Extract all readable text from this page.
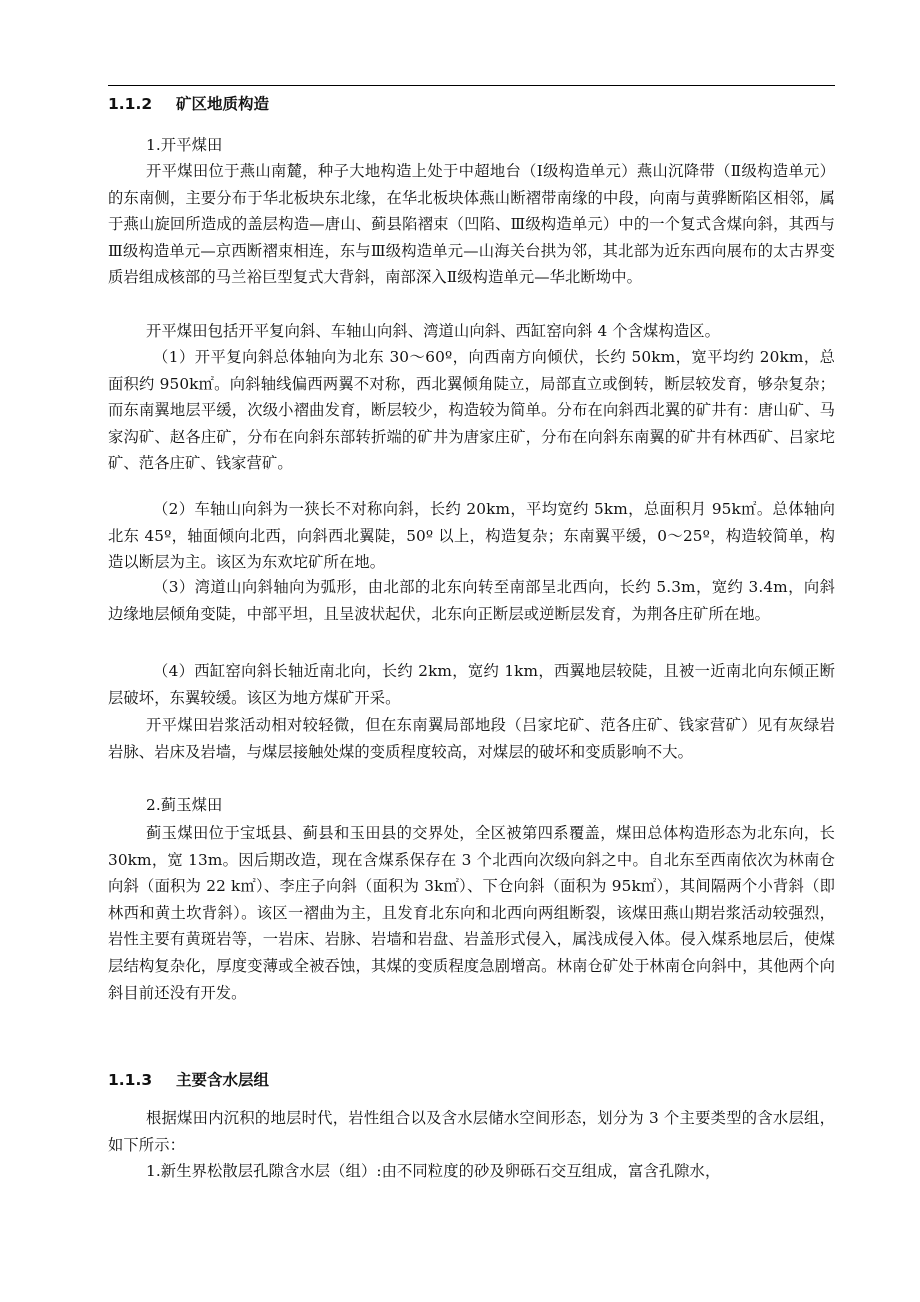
1.1.2 矿区地质构造

1.开平煤田

开平煤田位于燕山南麓，种子大地构造上处于中超地台（Ⅰ级构造单元）燕山沉降带（Ⅱ级构造单元）的东南侧，主要分布于华北板块东北缘，在华北板块体燕山断褶带南缘的中段，向南与黄骅断陷区相邻，属于燕山旋回所造成的盖层构造—唐山、蓟县陷褶束（凹陷、Ⅲ级构造单元）中的一个复式含煤向斜，其西与Ⅲ级构造单元—京西断褶束相连，东与Ⅲ级构造单元—山海关台拱为邻，其北部为近东西向展布的太古界变质岩组成核部的马兰裕巨型复式大背斜，南部深入Ⅱ级构造单元—华北断坳中。

开平煤田包括开平复向斜、车轴山向斜、湾道山向斜、西缸窑向斜 4 个含煤构造区。

（1）开平复向斜总体轴向为北东 30～60º，向西南方向倾伏，长约 50km，宽平均约 20km，总面积约 950k㎡。向斜轴线偏西两翼不对称，西北翼倾角陡立，局部直立或倒转，断层较发育，够杂复杂；而东南翼地层平缓，次级小褶曲发育，断层较少，构造较为简单。分布在向斜西北翼的矿井有：唐山矿、马家沟矿、赵各庄矿，分布在向斜东部转折端的矿井为唐家庄矿，分布在向斜东南翼的矿井有林西矿、吕家坨矿、范各庄矿、钱家营矿。

（2）车轴山向斜为一狭长不对称向斜，长约 20km，平均宽约 5km，总面积月 95k㎡。总体轴向北东 45º，轴面倾向北西，向斜西北翼陡，50º 以上，构造复杂；东南翼平缓，0～25º，构造较简单，构造以断层为主。该区为东欢坨矿所在地。

（3）湾道山向斜轴向为弧形，由北部的北东向转至南部呈北西向，长约 5.3m，宽约 3.4m，向斜边缘地层倾角变陡，中部平坦，且呈波状起伏，北东向正断层或逆断层发育，为荆各庄矿所在地。

（4）西缸窑向斜长轴近南北向，长约 2km，宽约 1km，西翼地层较陡，且被一近南北向东倾正断层破坏，东翼较缓。该区为地方煤矿开采。

开平煤田岩浆活动相对较轻微，但在东南翼局部地段（吕家坨矿、范各庄矿、钱家营矿）见有灰绿岩岩脉、岩床及岩墙，与煤层接触处煤的变质程度较高，对煤层的破坏和变质影响不大。

2.蓟玉煤田

蓟玉煤田位于宝坻县、蓟县和玉田县的交界处，全区被第四系覆盖，煤田总体构造形态为北东向，长 30km，宽 13m。因后期改造，现在含煤系保存在 3 个北西向次级向斜之中。自北东至西南依次为林南仓向斜（面积为 22 k㎡）、李庄子向斜（面积为 3k㎡）、下仓向斜（面积为 95k㎡），其间隔两个小背斜（即林西和黄土坎背斜）。该区一褶曲为主，且发育北东向和北西向两组断裂，该煤田燕山期岩浆活动较强烈，岩性主要有黄斑岩等，一岩床、岩脉、岩墙和岩盘、岩盖形式侵入，属浅成侵入体。侵入煤系地层后，使煤层结构复杂化，厚度变薄或全被吞蚀，其煤的变质程度急剧增高。林南仓矿处于林南仓向斜中，其他两个向斜目前还没有开发。

1.1.3 主要含水层组

根据煤田内沉积的地层时代，岩性组合以及含水层储水空间形态，划分为 3 个主要类型的含水层组，如下所示：

1.新生界松散层孔隙含水层（组）:由不同粒度的砂及卵砾石交互组成，富含孔隙水，
